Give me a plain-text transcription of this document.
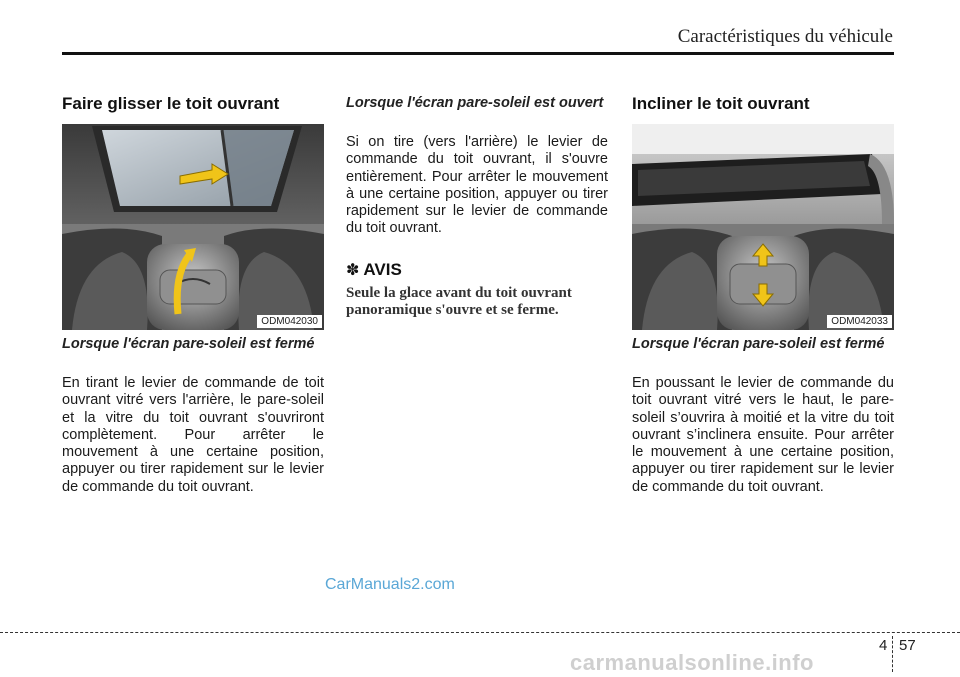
Caractéristiques du véhicule
Faire glisser le toit ouvrant
ODM042030
Lorsque l'écran pare-soleil est fermé
En tirant le levier de commande de toit ouvrant vitré vers l'arrière, le pare-soleil et la vitre du toit ouvrant s'ouvriront complètement. Pour arrêter le mouvement à une certaine position, appuyer ou tirer rapidement sur le levier de commande du toit ouvrant.
Lorsque l'écran pare-soleil est ouvert
Si on tire (vers l'arrière) le levier de commande du toit ouvrant, il s'ouvre entièrement. Pour arrêter le mouvement à une certaine position, appuyer ou tirer rapidement sur le levier de commande du toit ouvrant.
✽ AVIS
Seule la glace avant du toit ouvrant panoramique s'ouvre et se ferme.
Incliner le toit ouvrant
ODM042033
Lorsque l'écran pare-soleil est fermé
En poussant le levier de commande du toit ouvrant vitré vers le haut, le pare-soleil s’ouvrira à moitié et la vitre du toit ouvrant s’inclinera ensuite. Pour arrêter le mouvement à une certaine position, appuyer ou tirer rapidement sur le levier de commande du toit ouvrant.
CarManuals2.com
4 57
carmanualsonline.info
